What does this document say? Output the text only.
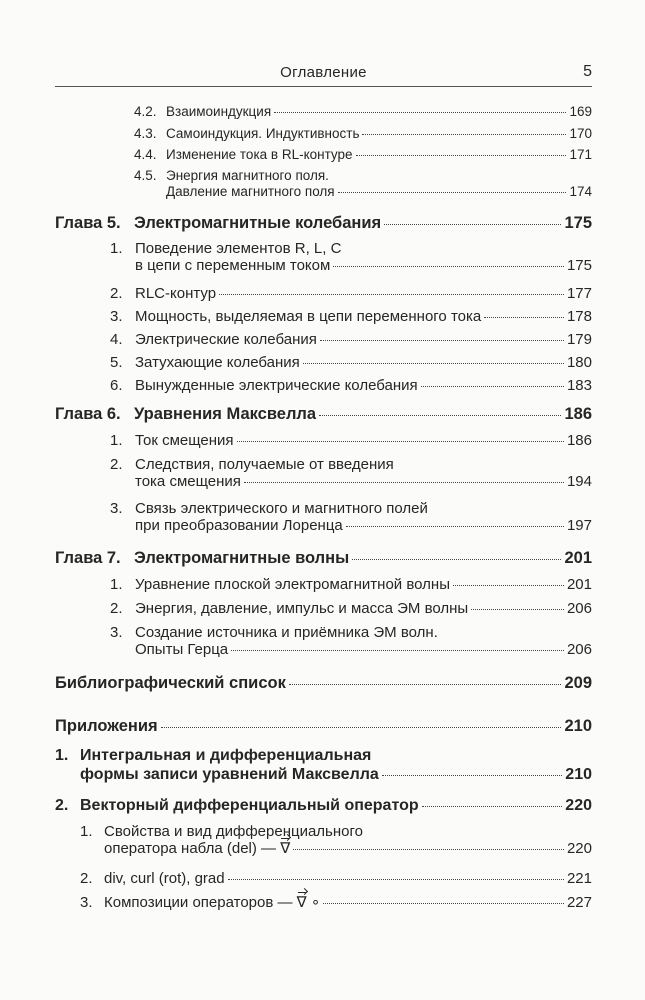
Оглавление	5
4.2. Взаимоиндукция	169
4.3. Самоиндукция. Индуктивность	170
4.4. Изменение тока в RL-контуре	171
4.5. Энергия магнитного поля.
Давление магнитного поля	174
Глава 5. Электромагнитные колебания	175
1. Поведение элементов R, L, C
в цепи с переменным током	175
2. RLC-контур	177
3. Мощность, выделяемая в цепи переменного тока	178
4. Электрические колебания	179
5. Затухающие колебания	180
6. Вынужденные электрические колебания	183
Глава 6. Уравнения Максвелла	186
1. Ток смещения	186
2. Следствия, получаемые от введения
тока смещения	194
3. Связь электрического и магнитного полей
при преобразовании Лоренца	197
Глава 7. Электромагнитные волны	201
1. Уравнение плоской электромагнитной волны	201
2. Энергия, давление, импульс и масса ЭМ волны	206
3. Создание источника и приёмника ЭМ волн.
Опыты Герца	206
Библиографический список	209
Приложения	210
1. Интегральная и дифференциальная
формы записи уравнений Максвелла	210
2. Векторный дифференциальный оператор	220
1. Свойства и вид дифференциального
оператора набла (del) — ∇	220
2. div, curl (rot), grad	221
3. Композиции операторов — ∇ ∘	227
